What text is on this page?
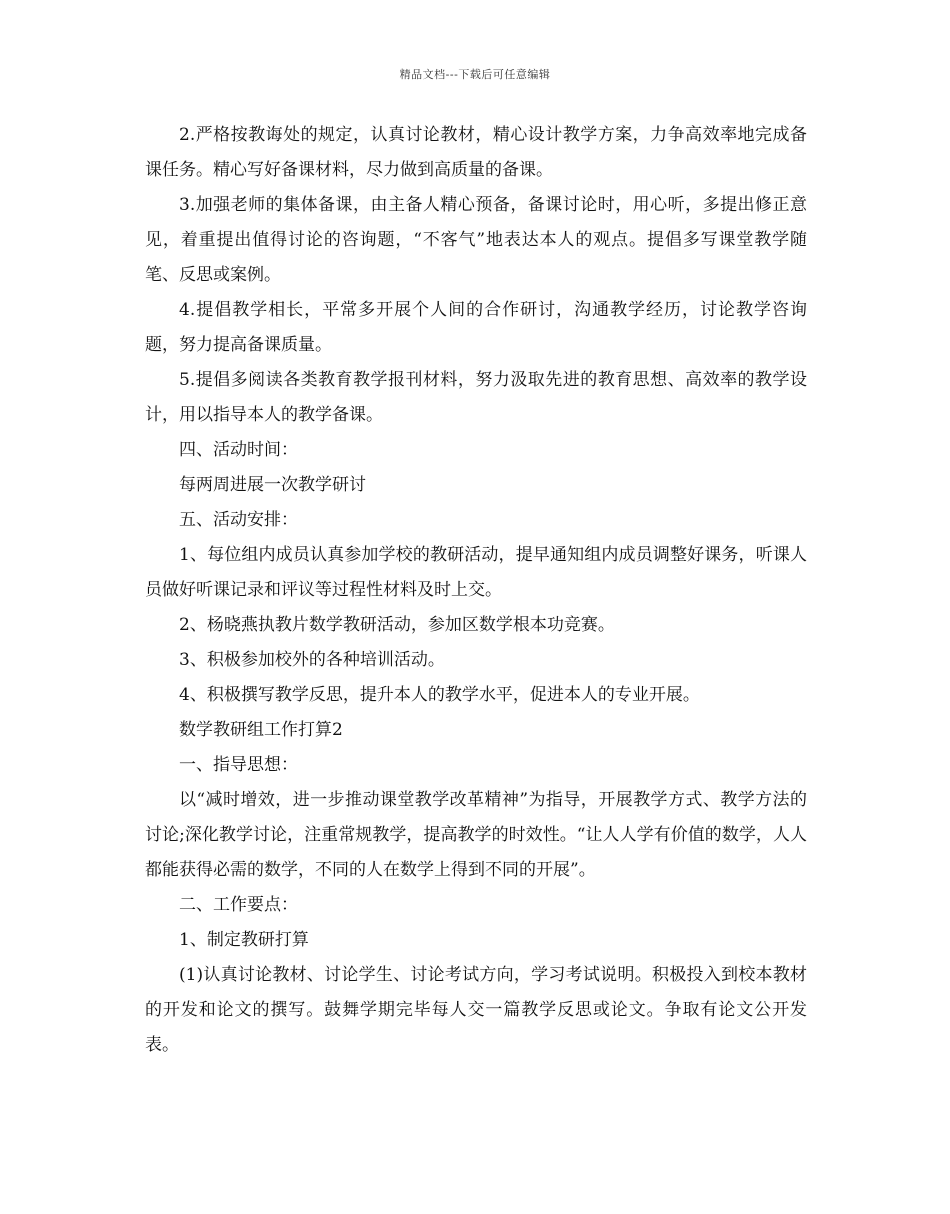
精品文档---下载后可任意编辑

2.严格按教诲处的规定，认真讨论教材，精心设计教学方案，力争高效率地完成备课任务。精心写好备课材料，尽力做到高质量的备课。

3.加强老师的集体备课，由主备人精心预备，备课讨论时，用心听，多提出修正意见，着重提出值得讨论的咨询题，“不客气”地表达本人的观点。提倡多写课堂教学随笔、反思或案例。

4.提倡教学相长，平常多开展个人间的合作研讨，沟通教学经历，讨论教学咨询题，努力提高备课质量。

5.提倡多阅读各类教育教学报刊材料，努力汲取先进的教育思想、高效率的教学设计，用以指导本人的教学备课。

四、活动时间：

每两周进展一次教学研讨

五、活动安排：

1、每位组内成员认真参加学校的教研活动，提早通知组内成员调整好课务，听课人员做好听课记录和评议等过程性材料及时上交。

2、杨晓燕执教片数学教研活动，参加区数学根本功竞赛。

3、积极参加校外的各种培训活动。

4、积极撰写教学反思，提升本人的教学水平，促进本人的专业开展。

数学教研组工作打算2

一、指导思想：

以“减时增效，进一步推动课堂教学改革精神”为指导，开展教学方式、教学方法的讨论;深化教学讨论，注重常规教学，提高教学的时效性。“让人人学有价值的数学，人人都能获得必需的数学，不同的人在数学上得到不同的开展”。

二、工作要点：

1、制定教研打算

(1)认真讨论教材、讨论学生、讨论考试方向，学习考试说明。积极投入到校本教材的开发和论文的撰写。鼓舞学期完毕每人交一篇教学反思或论文。争取有论文公开发表。
